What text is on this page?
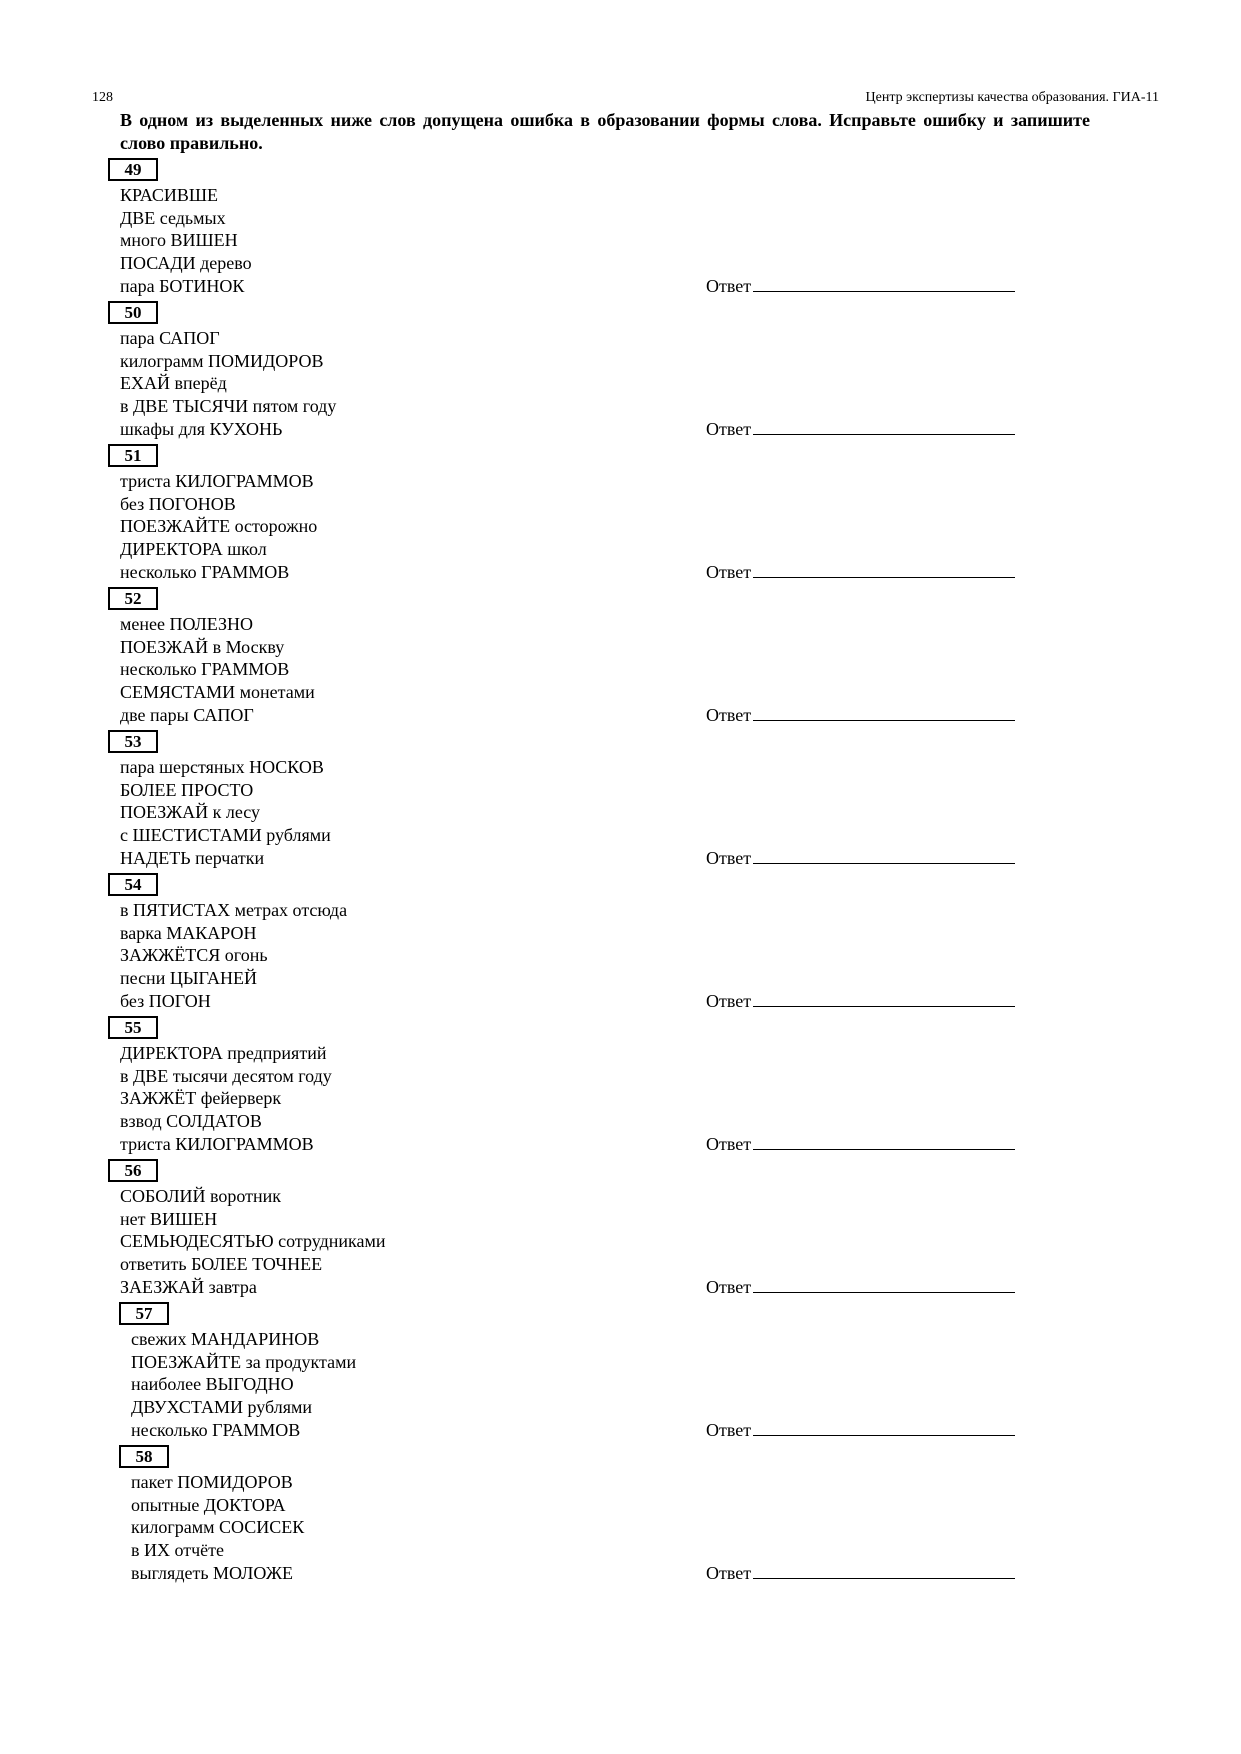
128	Центр экспертизы качества образования. ГИА-11
В одном из выделенных ниже слов допущена ошибка в образовании формы слова. Исправьте ошибку и запишите слово правильно.
49
КРАСИВШЕ
ДВЕ седьмых
много ВИШЕН
ПОСАДИ дерево
пара БОТИНОК	Ответ
50
пара САПОГ
килограмм ПОМИДОРОВ
ЕХАЙ вперёд
в ДВЕ ТЫСЯЧИ пятом году
шкафы для КУХОНЬ	Ответ
51
триста КИЛОГРАММОВ
без ПОГОНОВ
ПОЕЗЖАЙТЕ осторожно
ДИРЕКТОРА школ
несколько ГРАММОВ	Ответ
52
менее ПОЛЕЗНО
ПОЕЗЖАЙ в Москву
несколько ГРАММОВ
СЕМЯСТАМИ монетами
две пары САПОГ	Ответ
53
пара шерстяных НОСКОВ
БОЛЕЕ ПРОСТО
ПОЕЗЖАЙ к лесу
с ШЕСТИСТАМИ рублями
НАДЕТЬ перчатки	Ответ
54
в ПЯТИСТАХ метрах отсюда
варка МАКАРОН
ЗАЖЖЁТСЯ огонь
песни ЦЫГАНЕЙ
без ПОГОН	Ответ
55
ДИРЕКТОРА предприятий
в ДВЕ тысячи десятом году
ЗАЖЖЁТ фейерверк
взвод СОЛДАТОВ
триста КИЛОГРАММОВ	Ответ
56
СОБОЛИЙ воротник
нет ВИШЕН
СЕМЬЮДЕСЯТЬЮ сотрудниками
ответить БОЛЕЕ ТОЧНЕЕ
ЗАЕЗЖАЙ завтра	Ответ
57
свежих МАНДАРИНОВ
ПОЕЗЖАЙТЕ за продуктами
наиболее ВЫГОДНО
ДВУХСТАМИ рублями
несколько ГРАММОВ	Ответ
58
пакет ПОМИДОРОВ
опытные ДОКТОРА
килограмм СОСИСЕК
в ИХ отчёте
выглядеть МОЛОЖЕ	Ответ
